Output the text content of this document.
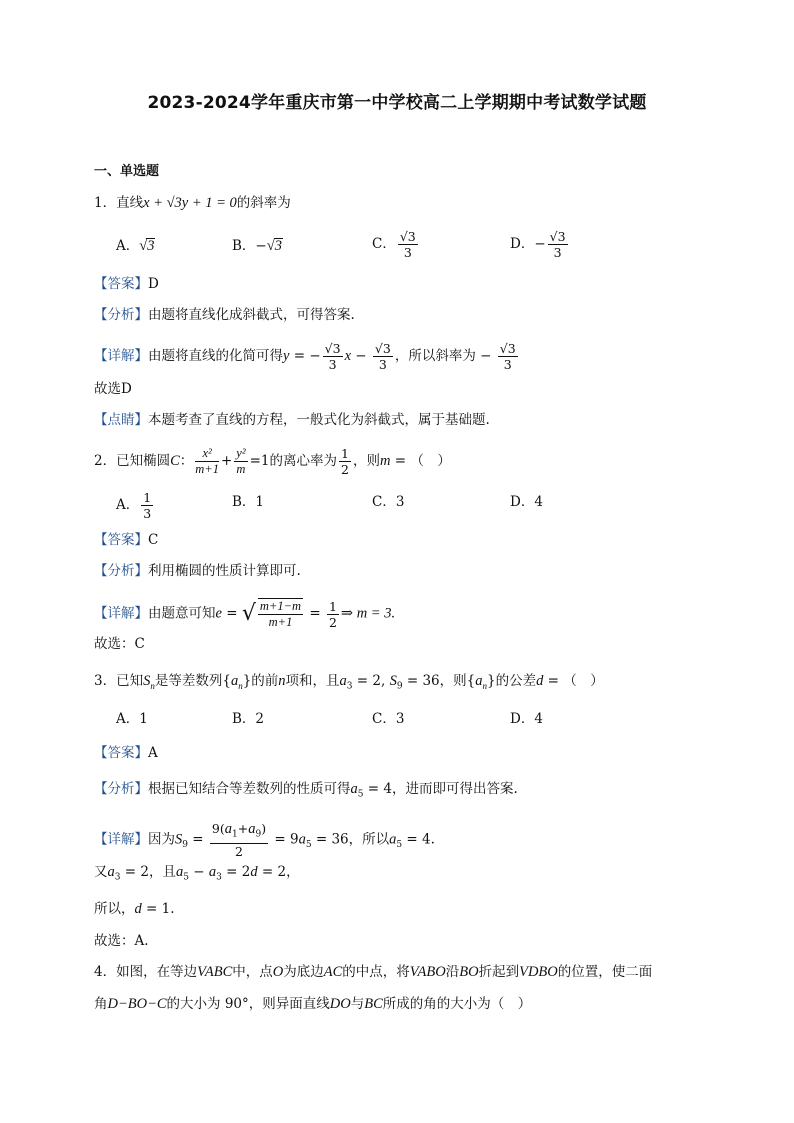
2023-2024学年重庆市第一中学校高二上学期期中考试数学试题
一、单选题
1．直线x + √3y + 1 = 0的斜率为
A．√3	B．−√3	C． $\frac{√3}{3}$	D．− $\frac{√3}{3}$
【答案】D
【分析】由题将直线化成斜截式，可得答案.
【详解】由题将直线的化简可得y = − $\frac{√3}{3}$ $x - \frac{√3}{3}$ ，所以斜率为 − $\frac{√3}{3}$
故选D
【点睛】本题考查了直线的方程，一般式化为斜截式，属于基础题.
2．已知椭圆C： $\frac{\text{x²}}{m+1} + \frac{\text{y²}}{m} =1$的离心率为 $\frac{1}{2}$ ，则m = （　）
A． $\frac{1}{3}$	B．1	C．3	D．4
【答案】C
【分析】利用椭圆的性质计算即可.
【详解】由题意可知e = √ $\frac{m+1-m}{m+1} = \frac{1}{2}$ ⇒ m = 3.
故选：C
3．已知$S_n$是等差数列$\{a_n\}$的前n项和，且$a_3 = 2$, $S_9 = 36$，则$\{a_n\}$的公差d = （　）
A．1	B．2	C．3	D．4
【答案】A
【分析】根据已知结合等差数列的性质可得$a_5 = 4$，进而即可得出答案.
【详解】因为$S_9 = \frac{9(a_1+a_9)}{2} = 9a_5 = 36$，所以$a_5 = 4$.
又$a_3 = 2$，且$a_5 - a_3 = 2d = 2$，
所以，d = 1.
故选：A.
4．如图，在等边VABC中，点O为底边AC的中点，将VABO沿BO折起到VDBO的位置，使二面
角D−BO−C的大小为 90°，则异面直线DO与BC所成的角的大小为（　）
